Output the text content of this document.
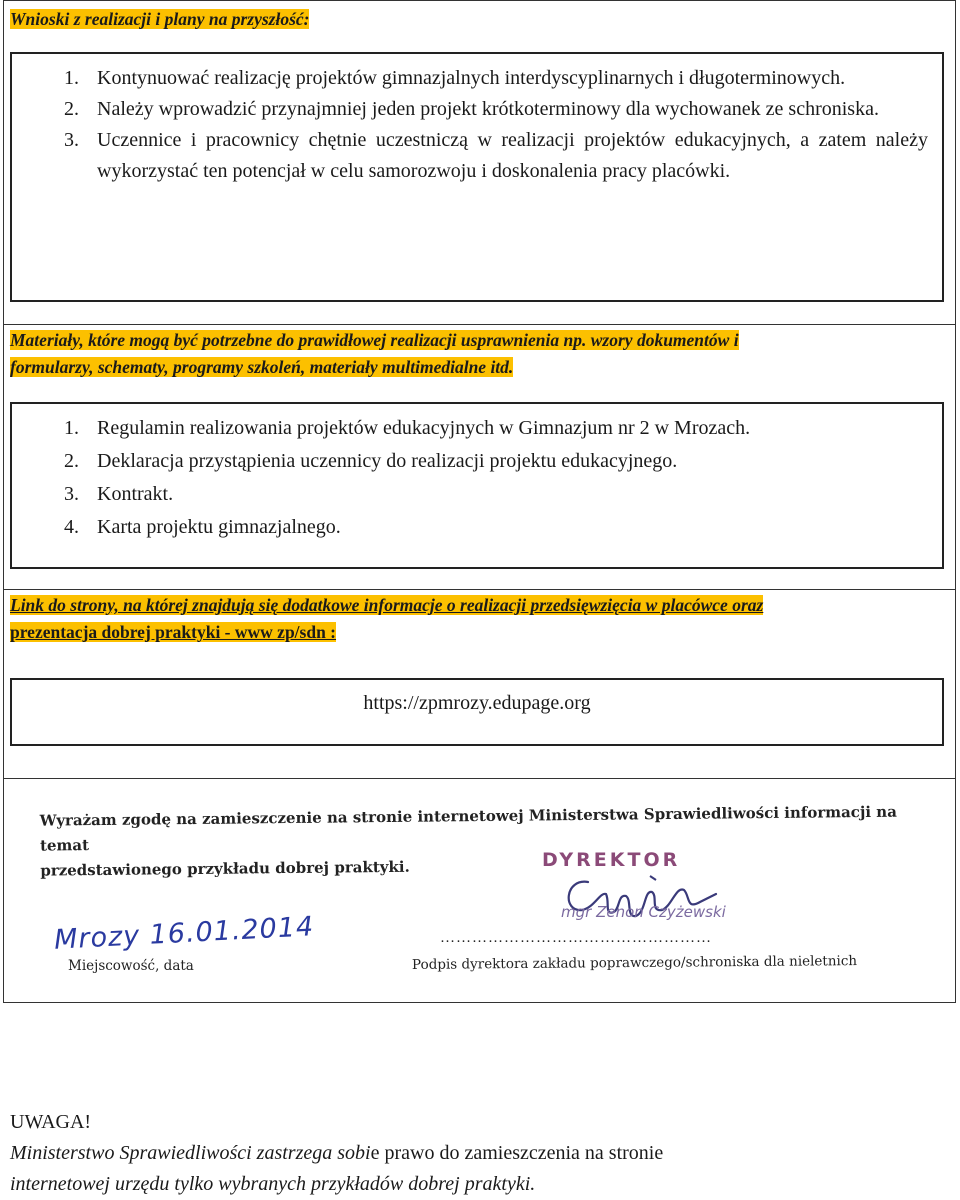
Wnioski z realizacji i plany na przyszłość:
1. Kontynuować realizację projektów gimnazjalnych interdyscyplinarnych i długoterminowych.
2. Należy wprowadzić przynajmniej jeden projekt krótkoterminowy dla wychowanek ze schroniska.
3. Uczennice i pracownicy chętnie uczestniczą w realizacji projektów edukacyjnych, a zatem należy wykorzystać ten potencjał w celu samorozwoju i doskonalenia pracy placówki.
Materiały, które mogą być potrzebne do prawidłowej realizacji usprawnienia np. wzory dokumentów i
formularzy, schematy, programy szkoleń, materiały multimedialne itd.
1. Regulamin realizowania projektów edukacyjnych w Gimnazjum nr 2 w Mrozach.
2. Deklaracja przystąpienia uczennicy do realizacji projektu edukacyjnego.
3. Kontrakt.
4. Karta projektu gimnazjalnego.
Link do strony, na której znajdują się dodatkowe informacje o realizacji przedsięwzięcia w placówce oraz
prezentacja dobrej praktyki - www zp/sdn :
https://zpmrozy.edupage.org
Wyrażam zgodę na zamieszczenie na stronie internetowej Ministerstwa Sprawiedliwości informacji na temat
przedstawionego przykładu dobrej praktyki.	DYREKTOR
mgr Zenon Czyżewski
Mrozy 16.01.2014
Miejscowość, data
……………………………………………
Podpis dyrektora zakładu poprawczego/schroniska dla nieletnich
UWAGA!
Ministerstwo Sprawiedliwości zastrzega sobie prawo do zamieszczenia na stronie
internetowej urzędu tylko wybranych przykładów dobrej praktyki.
